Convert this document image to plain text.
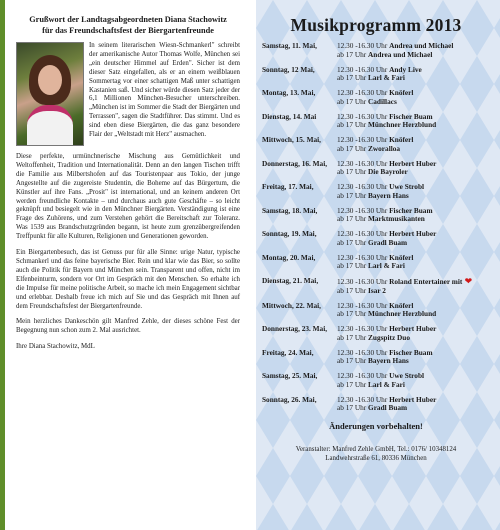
Grußwort der Landtagsabgeordneten Diana Stachowitz
für das Freundschaftsfest der Biergartenfreunde

In seinem literarischen Wiesn-Schmankerl" schreibt der amerikanische Autor Thomas Wolfe, München sei „ein deutscher Himmel auf Erden". Sicher ist dem dieser Satz eingefallen, als er an einem weißblauen Sommertag vor einer schattigen Maß unter schattigen Kastanien saß. Und sicher würde diesen Satz jeder der 6,1 Millionen München-Besucher unterschreiben. „München ist im Sommer die Stadt der Biergärten und Terrassen", sagen die Stadtführer. Das stimmt. Und es sind eben diese Biergärten, die das ganz besondere Flair der „Weltstadt mit Herz" ausmachen.

Diese perfekte, urmünchnerische Mischung aus Gemütlichkeit und Weltoffenheit, Tradition und Internationalität. Denn an den langen Tischen trifft die Familie aus Milbertshofen auf das Touristenpaar aus Tokio, der junge Angestellte auf die zugereiste Studentin, die Boheme auf das Bürgertum, die Künstler auf ihre Fans. „Prosit" ist international, und an keinem anderen Ort werden freundliche Kontakte – und durchaus auch gute Geschäfte – so leicht geknüpft und besiegelt wie in den Münchner Biergärten. Verständigung ist eine Frage des Zuhörens, und zum Verstehen gehört die Bereitschaft zur Toleranz. Was 1539 aus Brandschutzgründen begann, ist heute zum grenzübergreifenden Treffpunkt für alle Kulturen, Religionen und Generationen geworden.

Ein Biergartenbesuch, das ist Genuss pur für alle Sinne: urige Natur, typische Schmankerl und das feine bayerische Bier. Rein und klar wie das Bier, so sollte auch die Politik für Bayern und München sein. Transparent und offen, nicht im Elfenbeinturm, sondern vor Ort im Gespräch mit den Menschen. So erhalte ich die Impulse für meine politische Arbeit, so mache ich mein Engagement sichtbar und erlebbar. Deshalb freue ich mich auf Sie und das Gespräch mit Ihnen auf dem Freundschaftsfest der Biergartenfreunde.

Mein herzliches Dankeschön gilt Manfred Zehle, der dieses schöne Fest der Begegnung nun schon zum 2. Mal ausrichtet.

Ihre Diana Stachowitz, MdL

Musikprogramm 2013
Samstag, 11. Mai,	12.30 -16.30 Uhr Andrea und Michael
ab 17 Uhr Andrea und Michael
Sonntag, 12 Mai,	12.30 -16.30 Uhr Andy Live
ab 17 Uhr Larl & Fari
Montag, 13. Mai,	12.30 -16.30 Uhr Knöferl
ab 17 Uhr Cadillacs
Dienstag, 14. Mai	12.30 -16.30 Uhr Fischer Buam
ab 17 Uhr Münchner Herzblund
Mittwoch, 15. Mai,	12.30 -16.30 Uhr Knöferl
ab 17 Uhr Zworalloa
Donnerstag, 16. Mai,	12.30 -16.30 Uhr Herbert Huber
ab 17 Uhr Die Bayroler
Freitag, 17. Mai,	12.30 -16.30 Uhr Uwe Strobl
ab 17 Uhr Bayern Hans
Samstag, 18. Mai,	12.30 -16.30 Uhr Fischer Buam
ab 17 Uhr Marktmusikanten
Sonntag, 19. Mai,	12.30 -16.30 Uhr Herbert Huber
ab 17 Uhr Gradl Buam
Montag, 20. Mai,	12.30 -16.30 Uhr Knöferl
ab 17 Uhr Larl & Fari
Dienstag, 21. Mai,	12.30 -16.30 Uhr Roland Entertainer mit ❤
ab 17 Uhr Isar 2
Mittwoch, 22. Mai,	12.30 -16.30 Uhr Knöferl
ab 17 Uhr Münchner Herzblund
Donnerstag, 23. Mai,	12.30 -16.30 Uhr Herbert Huber
ab 17 Uhr Zugspitz Duo
Freitag, 24. Mai,	12.30 -16.30 Uhr Fischer Buam
ab 17 Uhr Bayern Hans
Samstag, 25. Mai,	12.30 -16.30 Uhr Uwe Strobl
ab 17 Uhr Larl & Fari
Sonntag, 26. Mai,	12.30 -16.30 Uhr Herbert Huber
ab 17 Uhr Gradl Buam
Änderungen vorbehalten!
Veranstalter: Manfred Zehle GmbH, Tel.: 0176/ 10348124
Landwehrstraße 61, 80336 München
